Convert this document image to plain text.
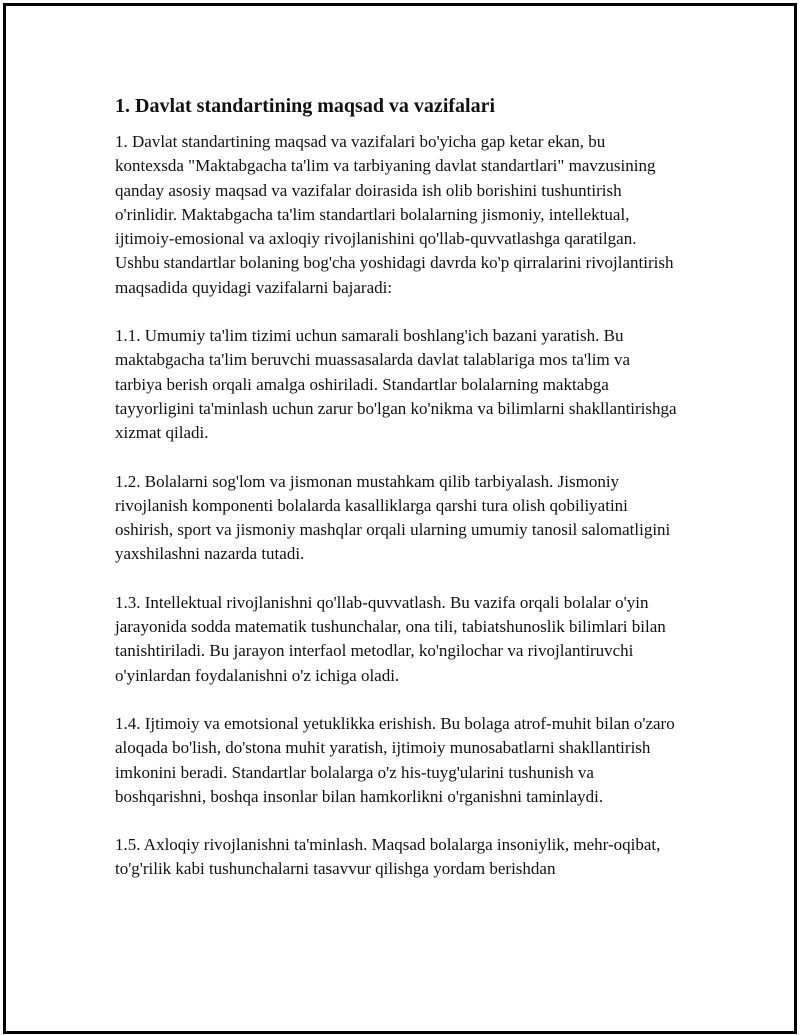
1. Davlat standartining maqsad va vazifalari

1. Davlat standartining maqsad va vazifalari bo'yicha gap ketar ekan, bu kontexsda "Maktabgacha ta'lim va tarbiyaning davlat standartlari" mavzusining qanday asosiy maqsad va vazifalar doirasida ish olib borishini tushuntirish o'rinlidir. Maktabgacha ta'lim standartlari bolalarning jismoniy, intellektual, ijtimoiy-emosional va axloqiy rivojlanishini qo'llab-quvvatlashga qaratilgan. Ushbu standartlar bolaning bog'cha yoshidagi davrda ko'p qirralarini rivojlantirish maqsadida quyidagi vazifalarni bajaradi:

1.1. Umumiy ta'lim tizimi uchun samarali boshlang'ich bazani yaratish. Bu maktabgacha ta'lim beruvchi muassasalarda davlat talablariga mos ta'lim va tarbiya berish orqali amalga oshiriladi. Standartlar bolalarning maktabga tayyorligini ta'minlash uchun zarur bo'lgan ko'nikma va bilimlarni shakllantirishga xizmat qiladi.

1.2. Bolalarni sog'lom va jismonan mustahkam qilib tarbiyalash. Jismoniy rivojlanish komponenti bolalarda kasalliklarga qarshi tura olish qobiliyatini oshirish, sport va jismoniy mashqlar orqali ularning umumiy tanosil salomatligini yaxshilashni nazarda tutadi.

1.3. Intellektual rivojlanishni qo'llab-quvvatlash. Bu vazifa orqali bolalar o'yin jarayonida sodda matematik tushunchalar, ona tili, tabiatshunoslik bilimlari bilan tanishtiriladi. Bu jarayon interfaol metodlar, ko'ngilochar va rivojlantiruvchi o'yinlardan foydalanishni o'z ichiga oladi.

1.4. Ijtimoiy va emotsional yetuklikka erishish. Bu bolaga atrof-muhit bilan o'zaro aloqada bo'lish, do'stona muhit yaratish, ijtimoiy munosabatlarni shakllantirish imkonini beradi. Standartlar bolalarga o'z his-tuyg'ularini tushunish va boshqarishni, boshqa insonlar bilan hamkorlikni o'rganishni taminlaydi.

1.5. Axloqiy rivojlanishni ta'minlash. Maqsad bolalarga insoniylik, mehr-oqibat, to'g'rilik kabi tushunchalarni tasavvur qilishga yordam berishdan
